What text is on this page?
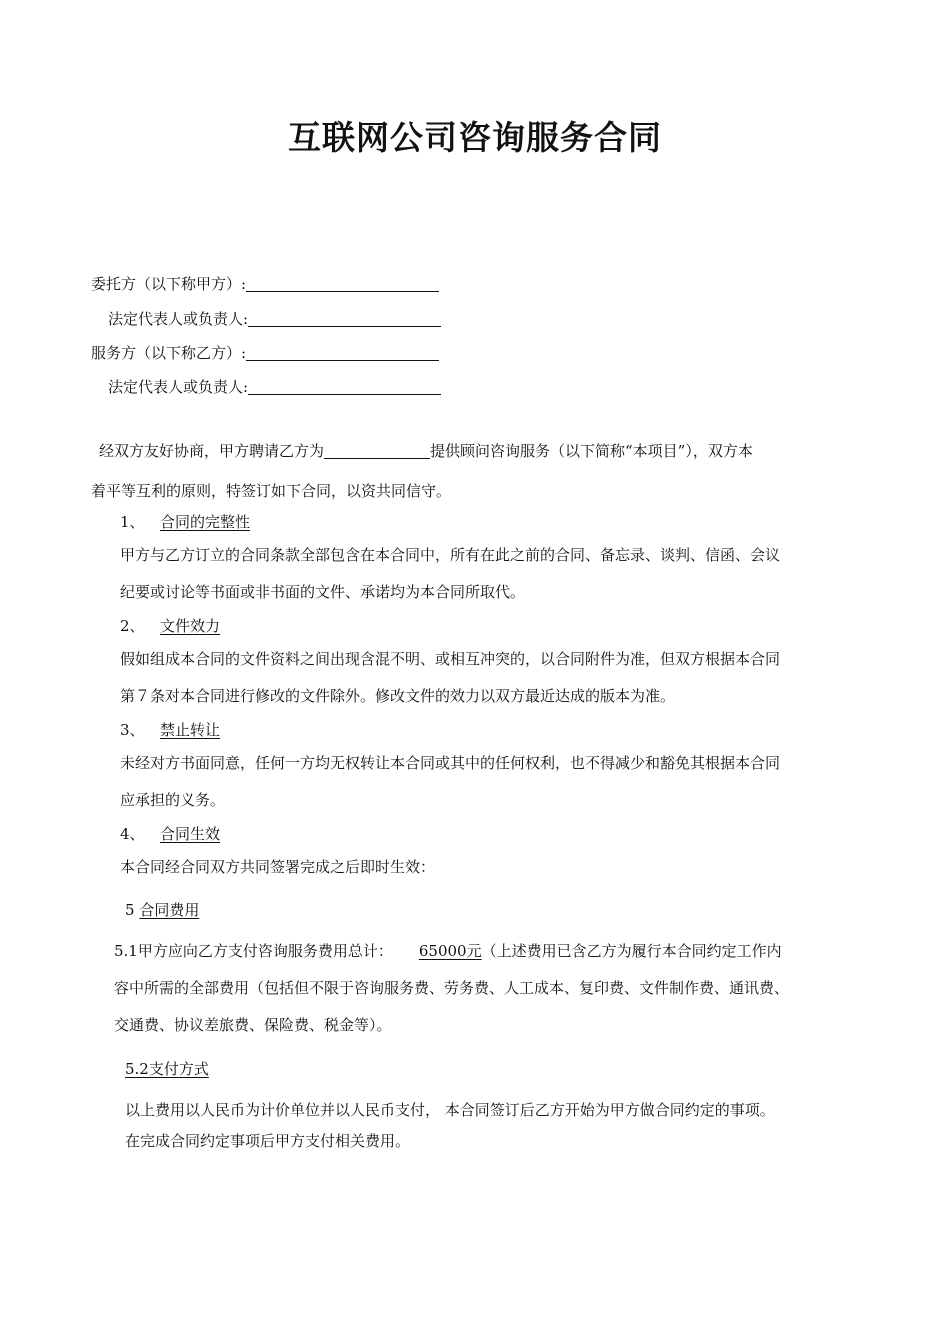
互联网公司咨询服务合同
委托方（以下称甲方）:
法定代表人或负责人:
服务方（以下称乙方）:
法定代表人或负责人:
经双方友好协商，甲方聘请乙方为	提供顾问咨询服务（以下简称“本项目”），双方本
着平等互利的原则，特签订如下合同，以资共同信守。
1、 合同的完整性
甲方与乙方订立的合同条款全部包含在本合同中，所有在此之前的合同、备忘录、谈判、信函、会议
纪要或讨论等书面或非书面的文件、承诺均为本合同所取代。
2、 文件效力
假如组成本合同的文件资料之间出现含混不明、或相互冲突的，以合同附件为准，但双方根据本合同
第７条对本合同进行修改的文件除外。修改文件的效力以双方最近达成的版本为准。
3、 禁止转让
未经对方书面同意，任何一方均无权转让本合同或其中的任何权利，也不得减少和豁免其根据本合同
应承担的义务。
4、 合同生效
本合同经合同双方共同签署完成之后即时生效：
5 合同费用
5.1甲方应向乙方支付咨询服务费用总计： 65000元（上述费用已含乙方为履行本合同约定工作内
容中所需的全部费用（包括但不限于咨询服务费、劳务费、人工成本、复印费、文件制作费、通讯费、
交通费、协议差旅费、保险费、税金等）。
5.2支付方式
以上费用以人民币为计价单位并以人民币支付， 本合同签订后乙方开始为甲方做合同约定的事项。
在完成合同约定事项后甲方支付相关费用。
